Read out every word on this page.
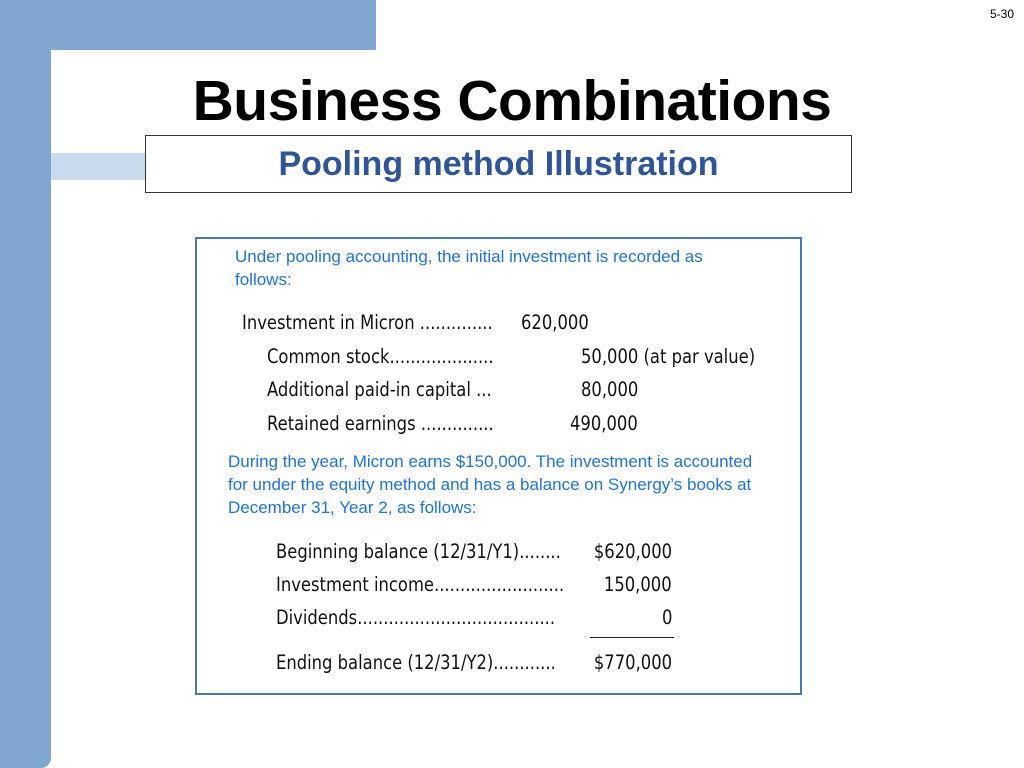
5-30
Business Combinations
Pooling method Illustration
Under pooling accounting, the initial investment is recorded as follows:
Investment in Micron .............. 620,000
Common stock....................	50,000 (at par value)
Additional paid-in capital ...	80,000
Retained earnings ..............	490,000
During the year, Micron earns $150,000. The investment is accounted for under the equity method and has a balance on Synergy’s books at December 31, Year 2, as follows:
Beginning balance (12/31/Y1)........ $620,000
Investment income......................... 150,000
Dividends......................................	0
Ending balance (12/31/Y2)............ $770,000
